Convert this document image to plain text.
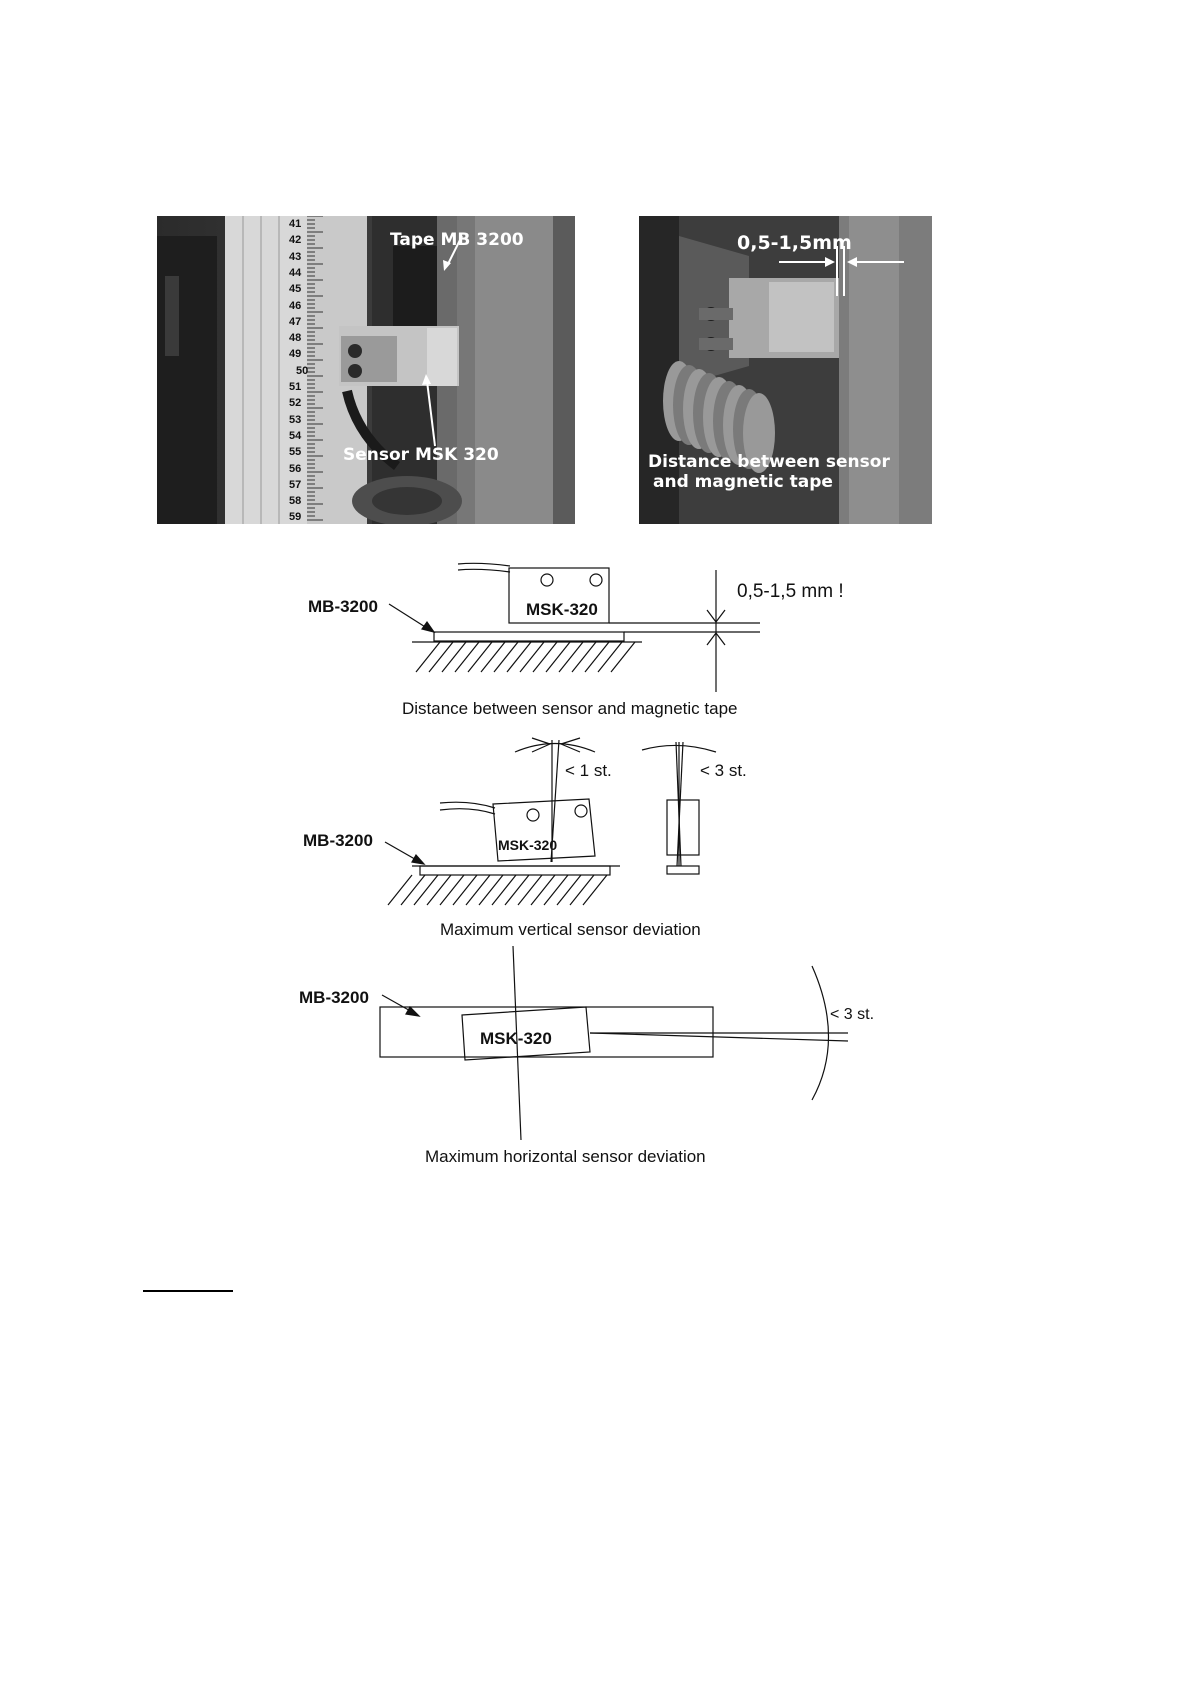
41
42
43
44
45
46
47
48
49
50
51
52
53
54
55
56
57
58
59
Tape MB 3200
Sensor MSK 320
0,5-1,5mm
Distance between sensor
and magnetic tape
MB-3200	MSK-320
0,5-1,5 mm !
Distance between sensor and magnetic tape
MB-3200	MSK-320
< 1 st.	< 3 st.
Maximum vertical sensor deviation
MB-3200
MSK-320
< 3 st.
Maximum horizontal sensor deviation
